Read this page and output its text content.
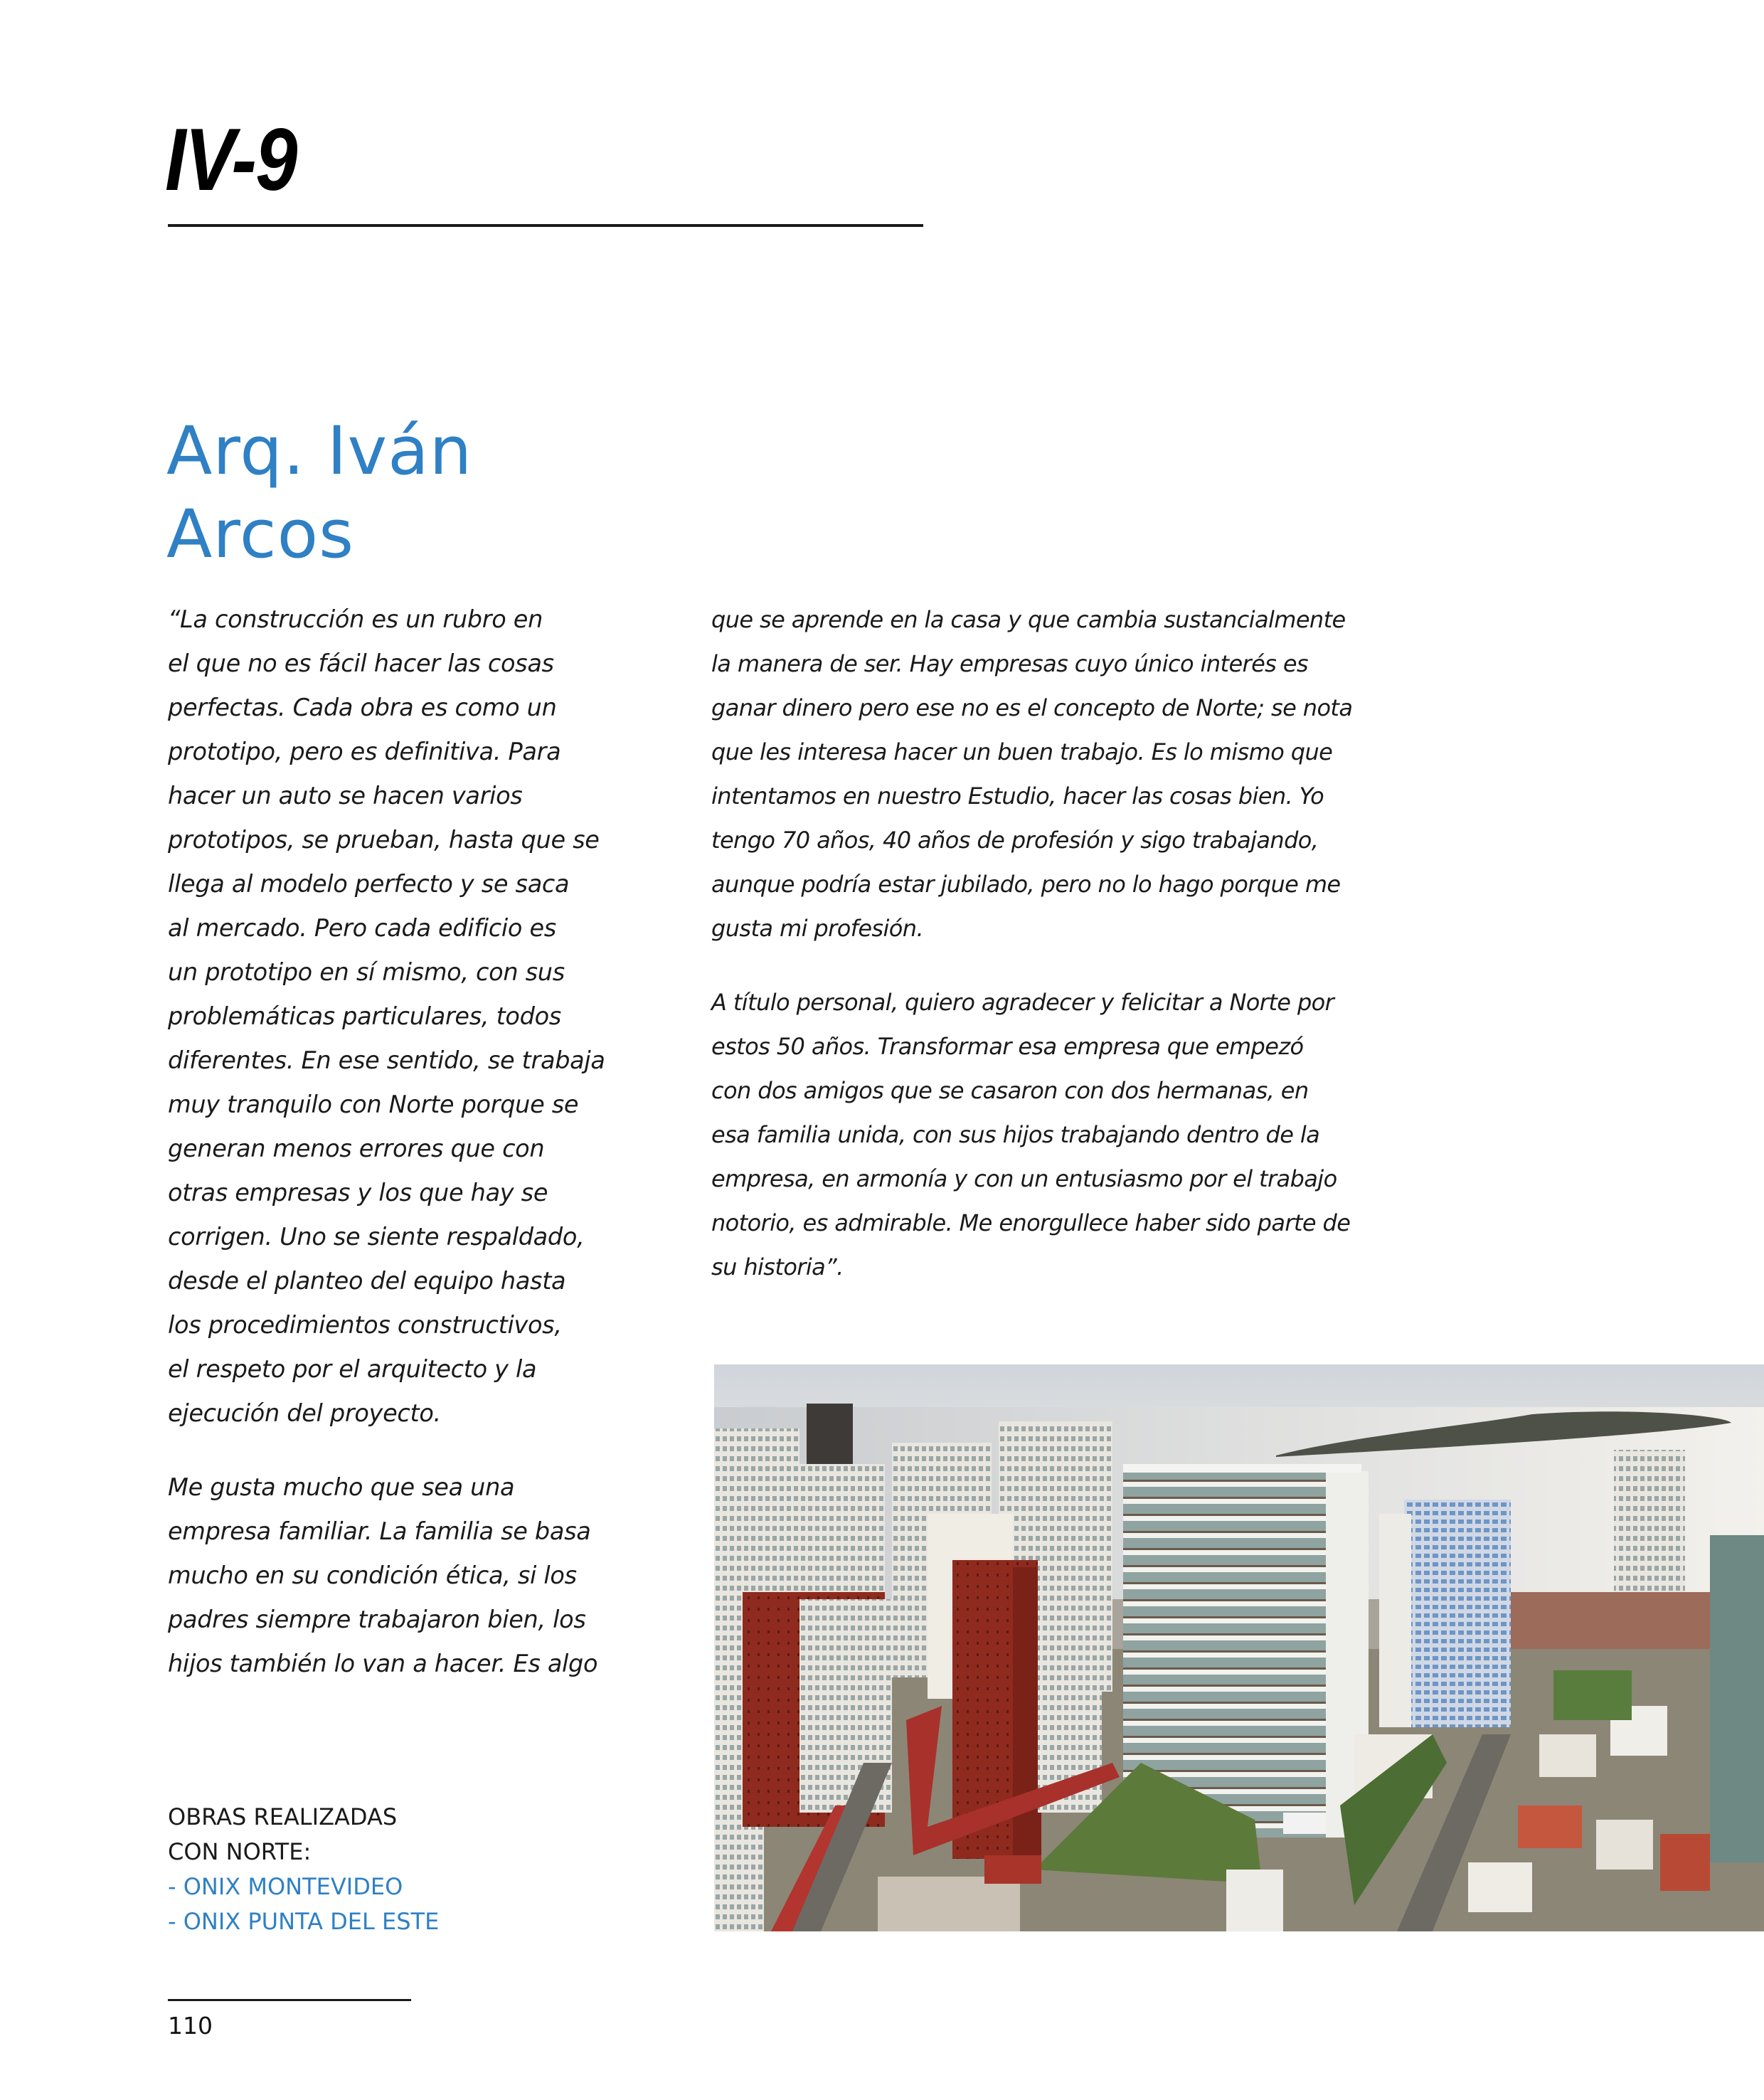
IV-9
Arq. Iván
Arcos

“La construcción es un rubro en
el que no es fácil hacer las cosas
perfectas. Cada obra es como un
prototipo, pero es definitiva. Para
hacer un auto se hacen varios
prototipos, se prueban, hasta que se
llega al modelo perfecto y se saca
al mercado. Pero cada edificio es
un prototipo en sí mismo, con sus
problemáticas particulares, todos
diferentes. En ese sentido, se trabaja
muy tranquilo con Norte porque se
generan menos errores que con
otras empresas y los que hay se
corrigen. Uno se siente respaldado,
desde el planteo del equipo hasta
los procedimientos constructivos,
el respeto por el arquitecto y la
ejecución del proyecto.

Me gusta mucho que sea una
empresa familiar. La familia se basa
mucho en su condición ética, si los
padres siempre trabajaron bien, los
hijos también lo van a hacer. Es algo

que se aprende en la casa y que cambia sustancialmente
la manera de ser. Hay empresas cuyo único interés es
ganar dinero pero ese no es el concepto de Norte; se nota
que les interesa hacer un buen trabajo. Es lo mismo que
intentamos en nuestro Estudio, hacer las cosas bien. Yo
tengo 70 años, 40 años de profesión y sigo trabajando,
aunque podría estar jubilado, pero no lo hago porque me
gusta mi profesión.

A título personal, quiero agradecer y felicitar a Norte por
estos 50 años. Transformar esa empresa que empezó
con dos amigos que se casaron con dos hermanas, en
esa familia unida, con sus hijos trabajando dentro de la
empresa, en armonía y con un entusiasmo por el trabajo
notorio, es admirable. Me enorgullece haber sido parte de
su historia”.

OBRAS REALIZADAS
CON NORTE:
- ONIX MONTEVIDEO
- ONIX PUNTA DEL ESTE
110
